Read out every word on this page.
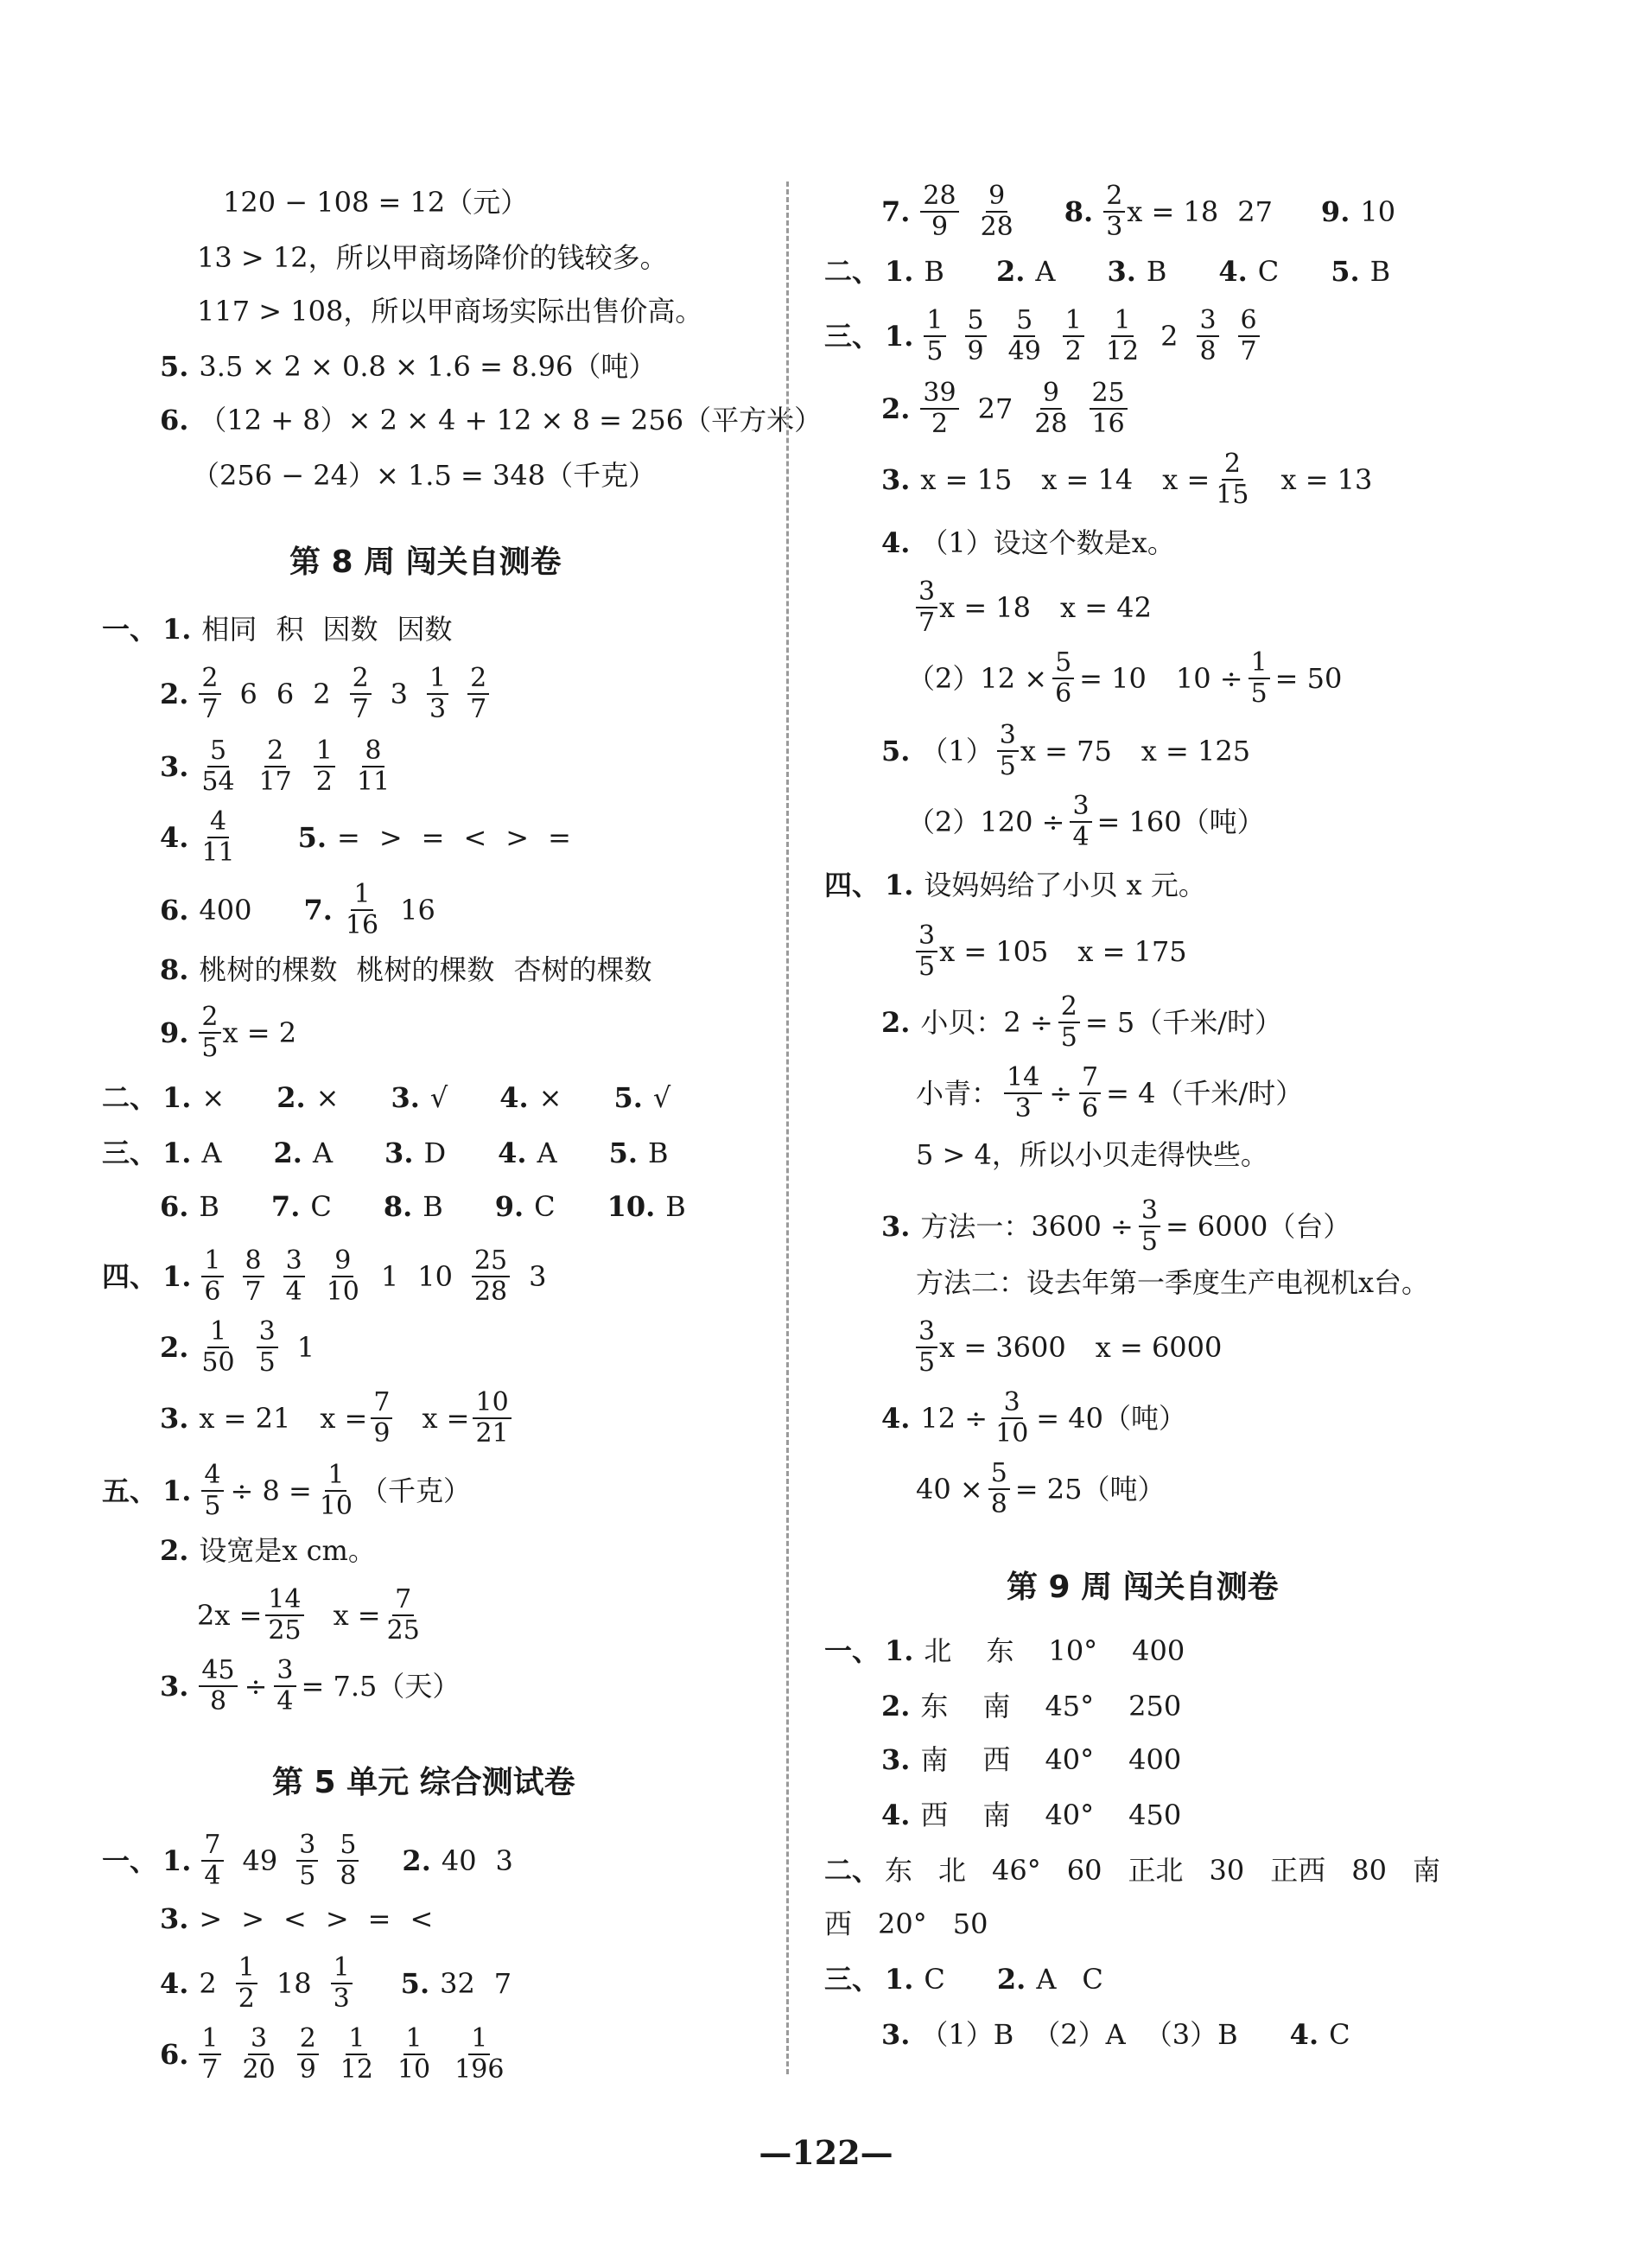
120 − 108 = 12（元）
13 > 12，所以甲商场降价的钱较多。
117 > 108，所以甲商场实际出售价高。
5. 3.5 × 2 × 0.8 × 1.6 = 8.96（吨）
6. （12 + 8）× 2 × 4 + 12 × 8 = 256（平方米）
（256 − 24）× 1.5 = 348（千克）
第 8 周 闯关自测卷
一、 1. 相同 积 因数 因数
2. $\frac{2}{7} 6$ 6 $2 \frac{2}{7} 3 \frac{1}{3} \frac{2}{7}$
3. $\frac{5}{54} \frac{2}{17} \frac{1}{2} \frac{8}{11}$
4. $\frac{4}{11} 5$. = > = < > =
6. 400 7. $\frac{1}{16} 16$
8. 桃树的棵数 桃树的棵数 杏树的棵数
9. $\frac{2}{5}$ x = 2
二、 1. × 2. × 3. √ 4. × 5. √
三、 1. A 2. A 3. D 4. A 5. B
6. B 7. C 8. B 9. C 10. B
四、 1. $\frac{1}{6} \frac{8}{7} \frac{3}{4} \frac{9}{10} 1$ $10 \frac{25}{28} 3$
2. $\frac{1}{50} \frac{3}{5} 1$
3. x = 21 $x = \frac{7}{9}$ $x = \frac{10}{21}$
五、 1. $\frac{4}{5} \div 8 = \frac{1}{10}$ （千克）
2. 设宽是x cm。
$2x = \frac{14}{25}$ $x = \frac{7}{25}$
3. $\frac{45}{8} \div \frac{3}{4} = 7.5$（天）
第 5 单元 综合测试卷
一、 1. $\frac{7}{4} 49 \frac{3}{5} \frac{5}{8} 2$. 40 3
3. > > < > = <
4. $2 \frac{1}{2} 18 \frac{1}{3} 5$. 32 7
6. $\frac{1}{7} \frac{3}{20} \frac{2}{9} \frac{1}{12} \frac{1}{10} \frac{1}{196}$
7. $\frac{28}{9} \frac{9}{28} 8$. $\frac{2}{3}$ x = 18 27 9. 10
二、 1. B 2. A 3. B 4. C 5. B
三、 1. $\frac{1}{5} \frac{5}{9} \frac{5}{49} \frac{1}{2} \frac{1}{12} 2 \frac{3}{8} \frac{6}{7}$
2. $\frac{39}{2} 27 \frac{9}{28} \frac{25}{16}$
3. x = 15 x = 14 $x = \frac{2}{15}$ x = 13
4. （1）设这个数是x。
$\frac{3}{7}$ x = 18 x = 42
$(2)12 \times \frac{5}{6} = 10$ $10 \div \frac{1}{5} = 50$
5. $(1) \frac{3}{5}$ x = 75 x = 125
$(2)120 \div \frac{3}{4} = 160$（吨）
四、 1. 设妈妈给了小贝 x 元。
$\frac{3}{5}$ x = 105 x = 175
2. 小贝：$2 \div \frac{2}{5} = 5$（千米/时）
小青： $\frac{14}{3} \div \frac{7}{6} = 4$（千米/时）
5 > 4，所以小贝走得快些。
3. 方法一：$3600 \div \frac{3}{5} = 6000$（台）
方法二：设去年第一季度生产电视机x台。
$\frac{3}{5}$ x = 3600 x = 6000
4. $12 \div \frac{3}{10} = 40$（吨）
$40 \times \frac{5}{8} = 25$（吨）
第 9 周 闯关自测卷
一、 1. 北 东 10° 400
2. 东 南 45° 250
3. 南 西 40° 400
4. 西 南 40° 450
二、 东 北 46° 60 正北 30 正西 80 南
西 20° 50
三、 1. C 2. A C
3. （1）B （2）A （3）B 4. C
—122—
